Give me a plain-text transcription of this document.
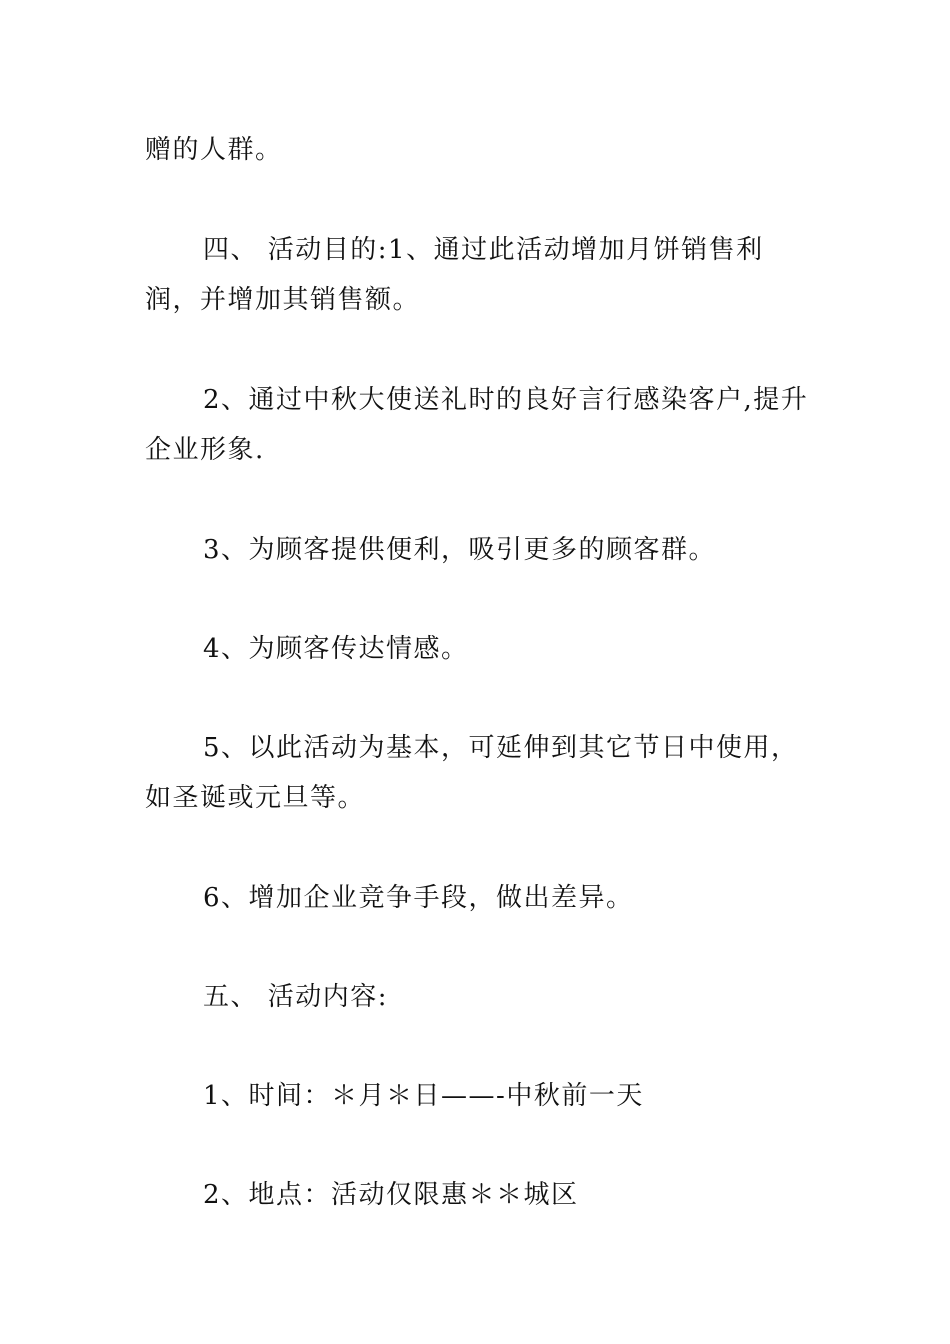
赠的人群。

四、 活动目的:1、通过此活动增加月饼销售利润，并增加其销售额。

2、通过中秋大使送礼时的良好言行感染客户,提升企业形象.

3、为顾客提供便利，吸引更多的顾客群。

4、为顾客传达情感。

5、以此活动为基本，可延伸到其它节日中使用，如圣诞或元旦等。

6、增加企业竞争手段，做出差异。

五、 活动内容:

1、时间：＊月＊日——-中秋前一天

2、地点：活动仅限惠＊＊城区
